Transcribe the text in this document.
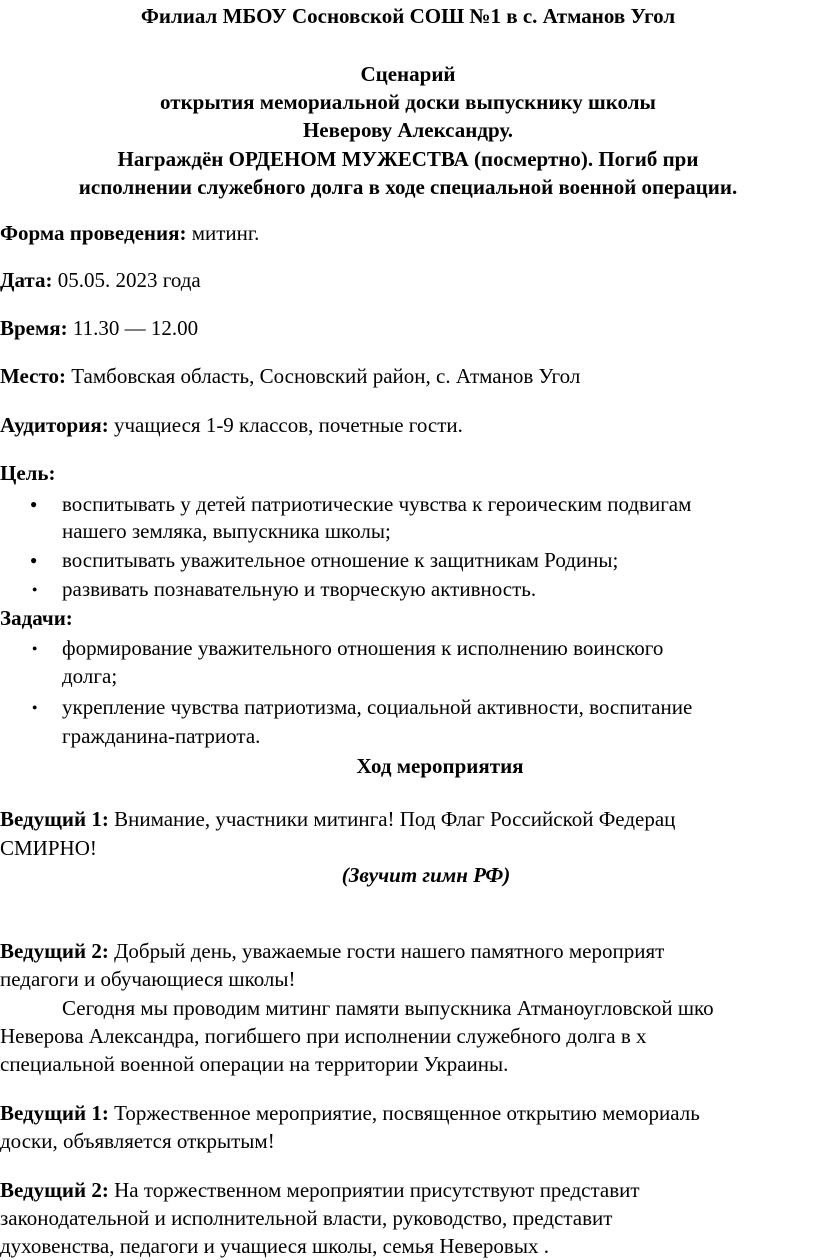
Филиал МБОУ Сосновской СОШ №1 в с. Атманов Угол
Сценарий
открытия мемориальной доски выпускнику школы
Неверову Александру.
Награждён ОРДЕНОМ МУЖЕСТВА (посмертно). Погиб при
исполнении служебного долга в ходе специальной военной операции.
Форма проведения: митинг.
Дата: 05.05. 2023 года
Время: 11.30 — 12.00
Место: Тамбовская область, Сосновский район, с. Атманов Угол
Аудитория: учащиеся 1-9 классов, почетные гости.
Цель:
● воспитывать у детей патриотические чувства к героическим подвигам
нашего земляка, выпускника школы;
● воспитывать уважительное отношение к защитникам Родины;
● развивать познавательную и творческую активность.
Задачи:
● формирование уважительного отношения к исполнению воинского
долга;
● укрепление чувства патриотизма, социальной активности, воспитание
гражданина-патриота.
Ход мероприятия
Ведущий 1: Внимание, участники митинга! Под Флаг Российской Федерац
СМИРНО!
(Звучит гимн РФ)
Ведущий 2: Добрый день, уважаемые гости нашего памятного мероприят
педагоги и обучающиеся школы!
Сегодня мы проводим митинг памяти выпускника Атманоугловской шко
Неверова Александра, погибшего при исполнении служебного долга в х
специальной военной операции на территории Украины.
Ведущий 1: Торжественное мероприятие, посвященное открытию мемориаль
доски, объявляется открытым!
Ведущий 2: На торжественном мероприятии присутствуют представит
законодательной и исполнительной власти, руководство, представит
духовенства, педагоги и учащиеся школы, семья Неверовых .
